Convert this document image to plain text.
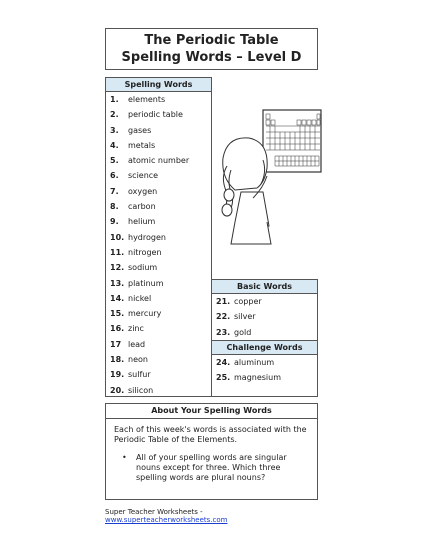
The Periodic Table
Spelling Words – Level D
Spelling Words
1. elements
2. periodic table
3. gases
4. metals
5. atomic number
6. science
7. oxygen
8. carbon
9. helium
10. hydrogen
11. nitrogen
12. sodium
13. platinum
14. nickel
15. mercury
16. zinc
17 lead
18. neon
19. sulfur
20. silicon
Basic Words
21. copper
22. silver
23. gold
Challenge Words
24. aluminum
25. magnesium
About Your Spelling Words

Each of this week's words is associated with the Periodic Table of the Elements.

• All of your spelling words are singular nouns except for three. Which three spelling words are plural nouns?
Super Teacher Worksheets - www.superteacherworksheets.com
